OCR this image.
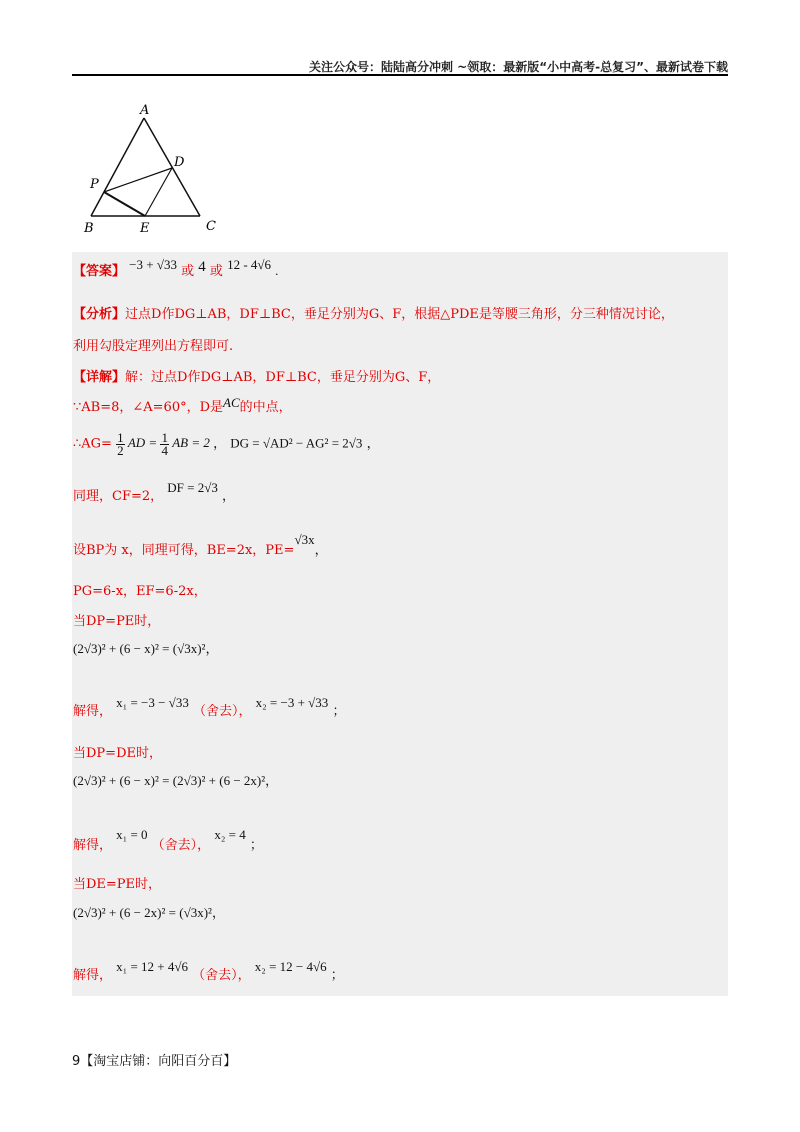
关注公众号：陆陆高分冲刺 ~领取：最新版“小中高考-总复习”、最新试卷下载
A
B	C
D
E
P
【答案】 −3 + √33 或 4 或 12 - 4√6 .
【分析】过点D作DG⊥AB，DF⊥BC，垂足分别为G、F，根据△PDE是等腰三角形，分三种情况讨论，
利用勾股定理列出方程即可.
【详解】解：过点D作DG⊥AB，DF⊥BC，垂足分别为G、F，
∵AB=8，∠A=60°，D是AC的中点，
∴AG= $\frac{1}{2}$ AD = $\frac{1}{4}$ AB = 2 ， DG = √AD² − AG² = 2√3 ，
同理，CF=2， DF = 2√3 ，
设BP为 x，同理可得，BE=2x，PE=√3x，
PG=6-x，EF=6-2x，
当DP=PE时，
(2√3)² + (6 − x)² = (√3x)²，
解得， x₁ = −3 − √33 （舍去）， x₂ = −3 + √33 ；
当DP=DE时，
(2√3)² + (6 − x)² = (2√3)² + (6 − 2x)²，
解得， x₁ = 0 （舍去）， x₂ = 4 ；
当DE=PE时，
(2√3)² + (6 − 2x)² = (√3x)²，
解得， x₁ = 12 + 4√6 （舍去）， x₂ = 12 − 4√6 ；
9【淘宝店铺：向阳百分百】
